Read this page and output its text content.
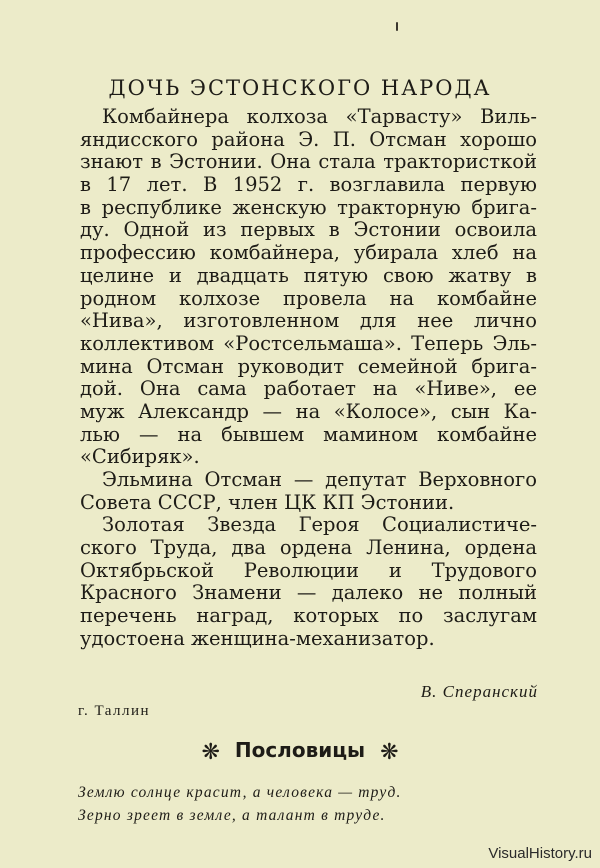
ДОЧЬ ЭСТОНСКОГО НАРОДА
Комбайнера колхоза «Тарвасту» Виль-
яндисского района Э. П. Отсман хорошо
знают в Эстонии. Она стала трактористкой
в 17 лет. В 1952 г. возглавила первую
в республике женскую тракторную брига-
ду. Одной из первых в Эстонии освоила
профессию комбайнера, убирала хлеб на
целине и двадцать пятую свою жатву в
родном колхозе провела на комбайне
«Нива», изготовленном для нее лично
коллективом «Ростсельмаша». Теперь Эль-
мина Отсман руководит семейной брига-
дой. Она сама работает на «Ниве», ее
муж Александр — на «Колосе», сын Ка-
лью — на бывшем мамином комбайне
«Сибиряк».
Эльмина Отсман — депутат Верховного
Совета СССР, член ЦК КП Эстонии.
Золотая Звезда Героя Социалистиче-
ского Труда, два ордена Ленина, ордена
Октябрьской Революции и Трудового
Красного Знамени — далеко не полный
перечень наград, которых по заслугам
удостоена женщина-механизатор.
В. Сперанский
г. Таллин
❋ Пословицы ❋
Землю солнце красит, а человека — труд.
Зерно зреет в земле, а талант в труде.
VisualHistory.ru
